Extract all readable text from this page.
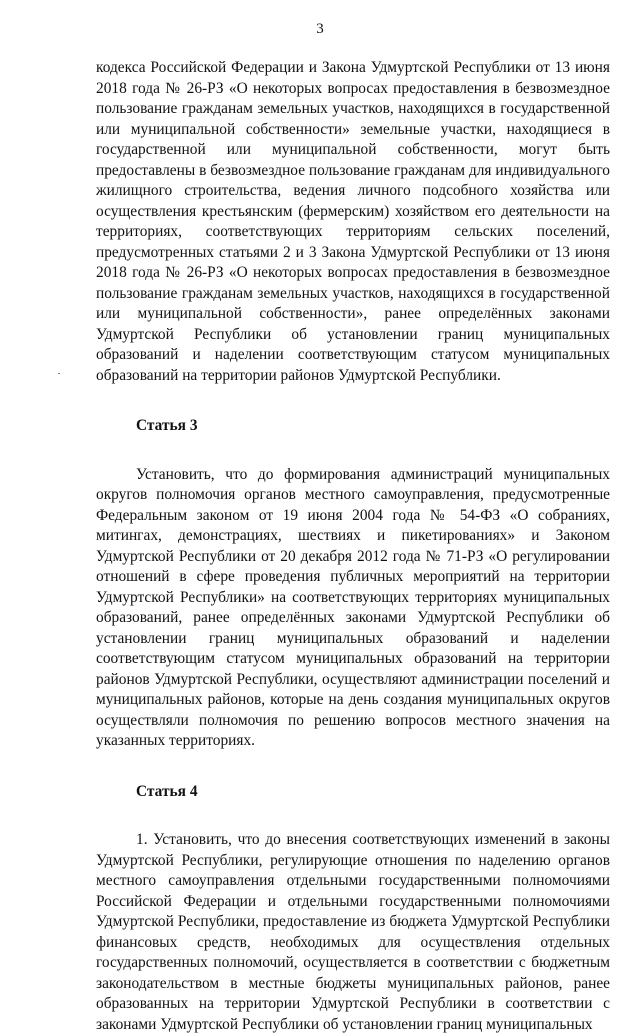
3

кодекса Российской Федерации и Закона Удмуртской Республики от 13 июня 2018 года № 26-РЗ «О некоторых вопросах предоставления в безвозмездное пользование гражданам земельных участков, находящихся в государственной или муниципальной собственности» земельные участки, находящиеся в государственной или муниципальной собственности, могут быть предоставлены в безвозмездное пользование гражданам для индивидуального жилищного строительства, ведения личного подсобного хозяйства или осуществления крестьянским (фермерским) хозяйством его деятельности на территориях, соответствующих территориям сельских поселений, предусмотренных статьями 2 и 3 Закона Удмуртской Республики от 13 июня 2018 года № 26-РЗ «О некоторых вопросах предоставления в безвозмездное пользование гражданам земельных участков, находящихся в государственной или муниципальной собственности», ранее определённых законами Удмуртской Республики об установлении границ муниципальных образований и наделении соответствующим статусом муниципальных образований на территории районов Удмуртской Республики.

Статья 3

Установить, что до формирования администраций муниципальных округов полномочия органов местного самоуправления, предусмотренные Федеральным законом от 19 июня 2004 года № 54-ФЗ «О собраниях, митингах, демонстрациях, шествиях и пикетированиях» и Законом Удмуртской Республики от 20 декабря 2012 года № 71-РЗ «О регулировании отношений в сфере проведения публичных мероприятий на территории Удмуртской Республики» на соответствующих территориях муниципальных образований, ранее определённых законами Удмуртской Республики об установлении границ муниципальных образований и наделении соответствующим статусом муниципальных образований на территории районов Удмуртской Республики, осуществляют администрации поселений и муниципальных районов, которые на день создания муниципальных округов осуществляли полномочия по решению вопросов местного значения на указанных территориях.

Статья 4

1. Установить, что до внесения соответствующих изменений в законы Удмуртской Республики, регулирующие отношения по наделению органов местного самоуправления отдельными государственными полномочиями Российской Федерации и отдельными государственными полномочиями Удмуртской Республики, предоставление из бюджета Удмуртской Республики финансовых средств, необходимых для осуществления отдельных государственных полномочий, осуществляется в соответствии с бюджетным законодательством в местные бюджеты муниципальных районов, ранее образованных на территории Удмуртской Республики в соответствии с законами Удмуртской Республики об установлении границ муниципальных
